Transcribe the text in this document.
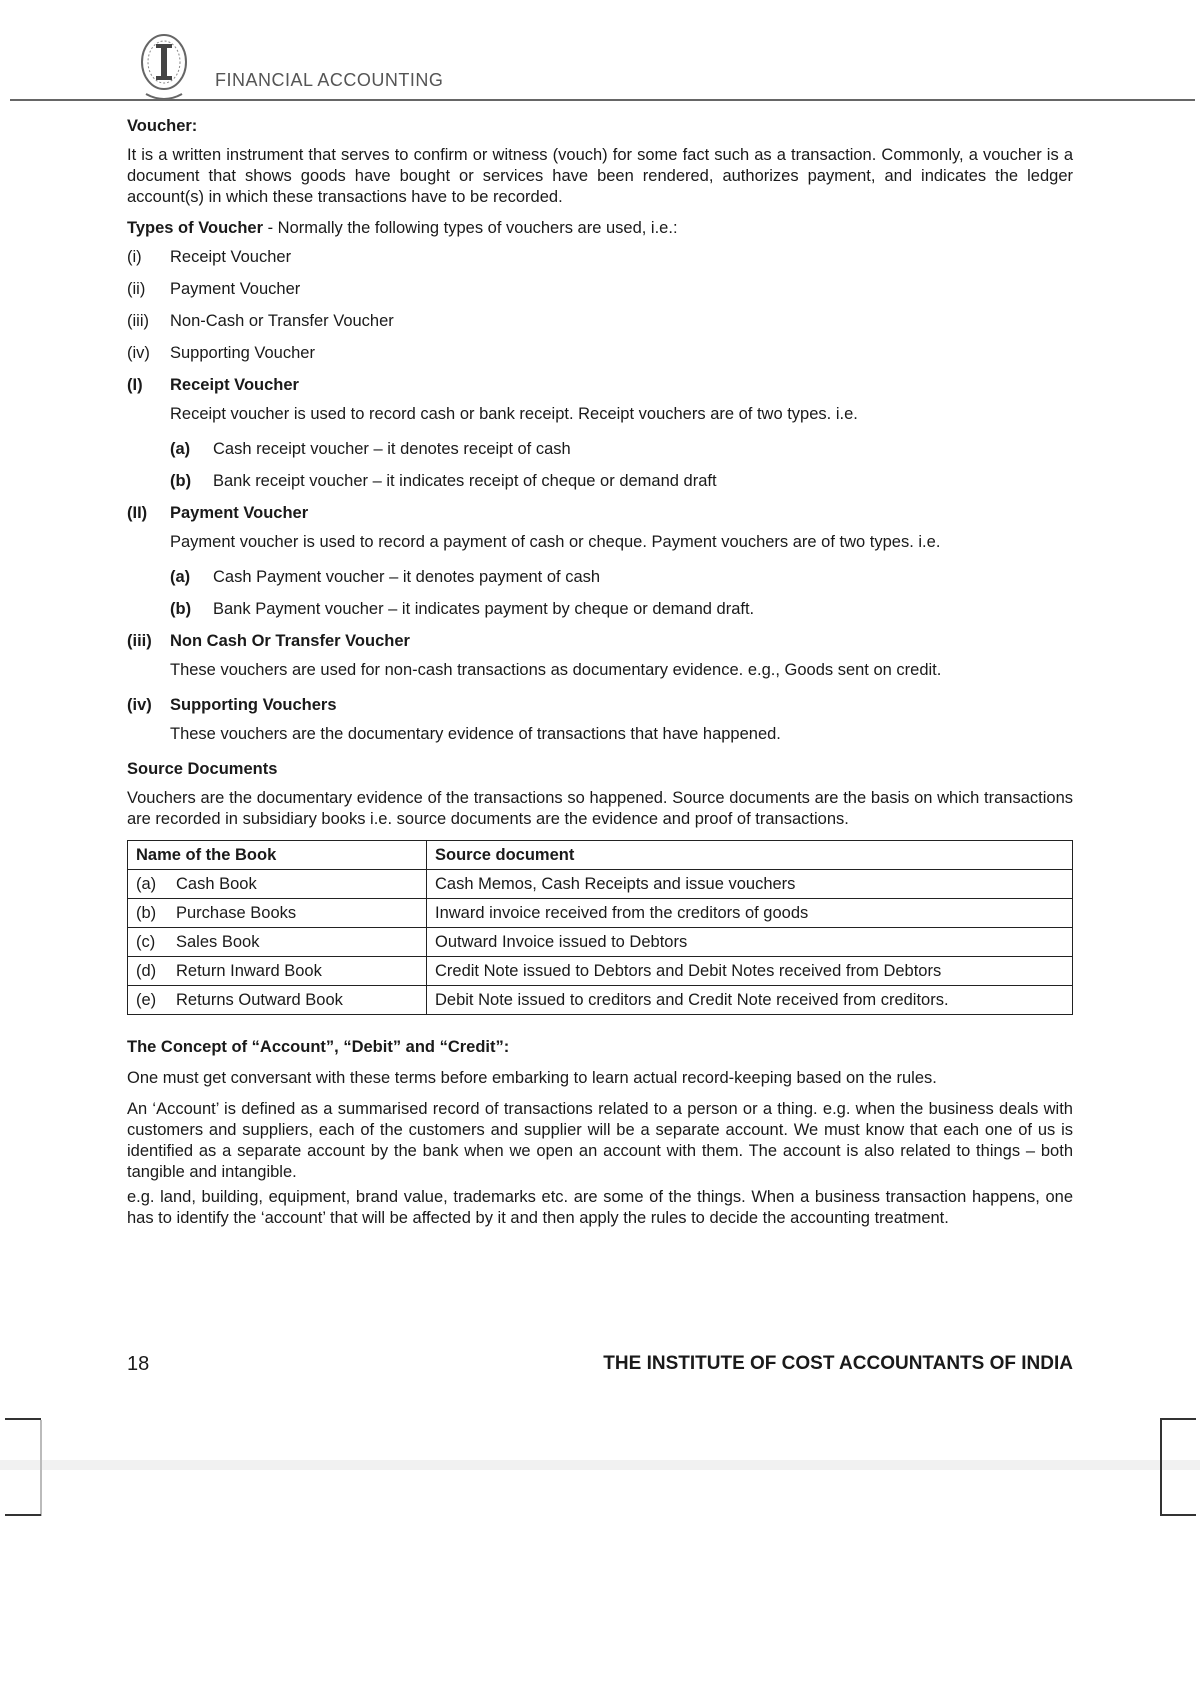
FINANCIAL ACCOUNTING
Voucher:

It is a written instrument that serves to confirm or witness (vouch) for some fact such as a transaction. Commonly, a voucher is a document that shows goods have bought or services have been rendered, authorizes payment, and indicates the ledger account(s) in which these transactions have to be recorded.

Types of Voucher - Normally the following types of vouchers are used, i.e.:

(i) Receipt Voucher
(ii) Payment Voucher
(iii) Non-Cash or Transfer Voucher
(iv) Supporting Voucher
(I) Receipt Voucher

Receipt voucher is used to record cash or bank receipt. Receipt vouchers are of two types. i.e.

(a) Cash receipt voucher – it denotes receipt of cash
(b) Bank receipt voucher – it indicates receipt of cheque or demand draft
(II) Payment Voucher

Payment voucher is used to record a payment of cash or cheque. Payment vouchers are of two types. i.e.

(a) Cash Payment voucher – it denotes payment of cash
(b) Bank Payment voucher – it indicates payment by cheque or demand draft.
(iii) Non Cash Or Transfer Voucher

These vouchers are used for non-cash transactions as documentary evidence. e.g., Goods sent on credit.

(iv) Supporting Vouchers

These vouchers are the documentary evidence of transactions that have happened.

Source Documents

Vouchers are the documentary evidence of the transactions so happened. Source documents are the basis on which transactions are recorded in subsidiary books i.e. source documents are the evidence and proof of transactions.

Name of the Book	Source document
(a) Cash Book	Cash Memos, Cash Receipts and issue vouchers
(b) Purchase Books	Inward invoice received from the creditors of goods
(c) Sales Book	Outward Invoice issued to Debtors
(d) Return Inward Book	Credit Note issued to Debtors and Debit Notes received from Debtors
(e) Returns Outward Book	Debit Note issued to creditors and Credit Note received from creditors.
The Concept of “Account”, “Debit” and “Credit”:

One must get conversant with these terms before embarking to learn actual record-keeping based on the rules.

An ‘Account’ is defined as a summarised record of transactions related to a person or a thing. e.g. when the business deals with customers and suppliers, each of the customers and supplier will be a separate account. We must know that each one of us is identified as a separate account by the bank when we open an account with them. The account is also related to things – both tangible and intangible.

e.g. land, building, equipment, brand value, trademarks etc. are some of the things. When a business transaction happens, one has to identify the ‘account’ that will be affected by it and then apply the rules to decide the accounting treatment.

18	THE INSTITUTE OF COST ACCOUNTANTS OF INDIA
